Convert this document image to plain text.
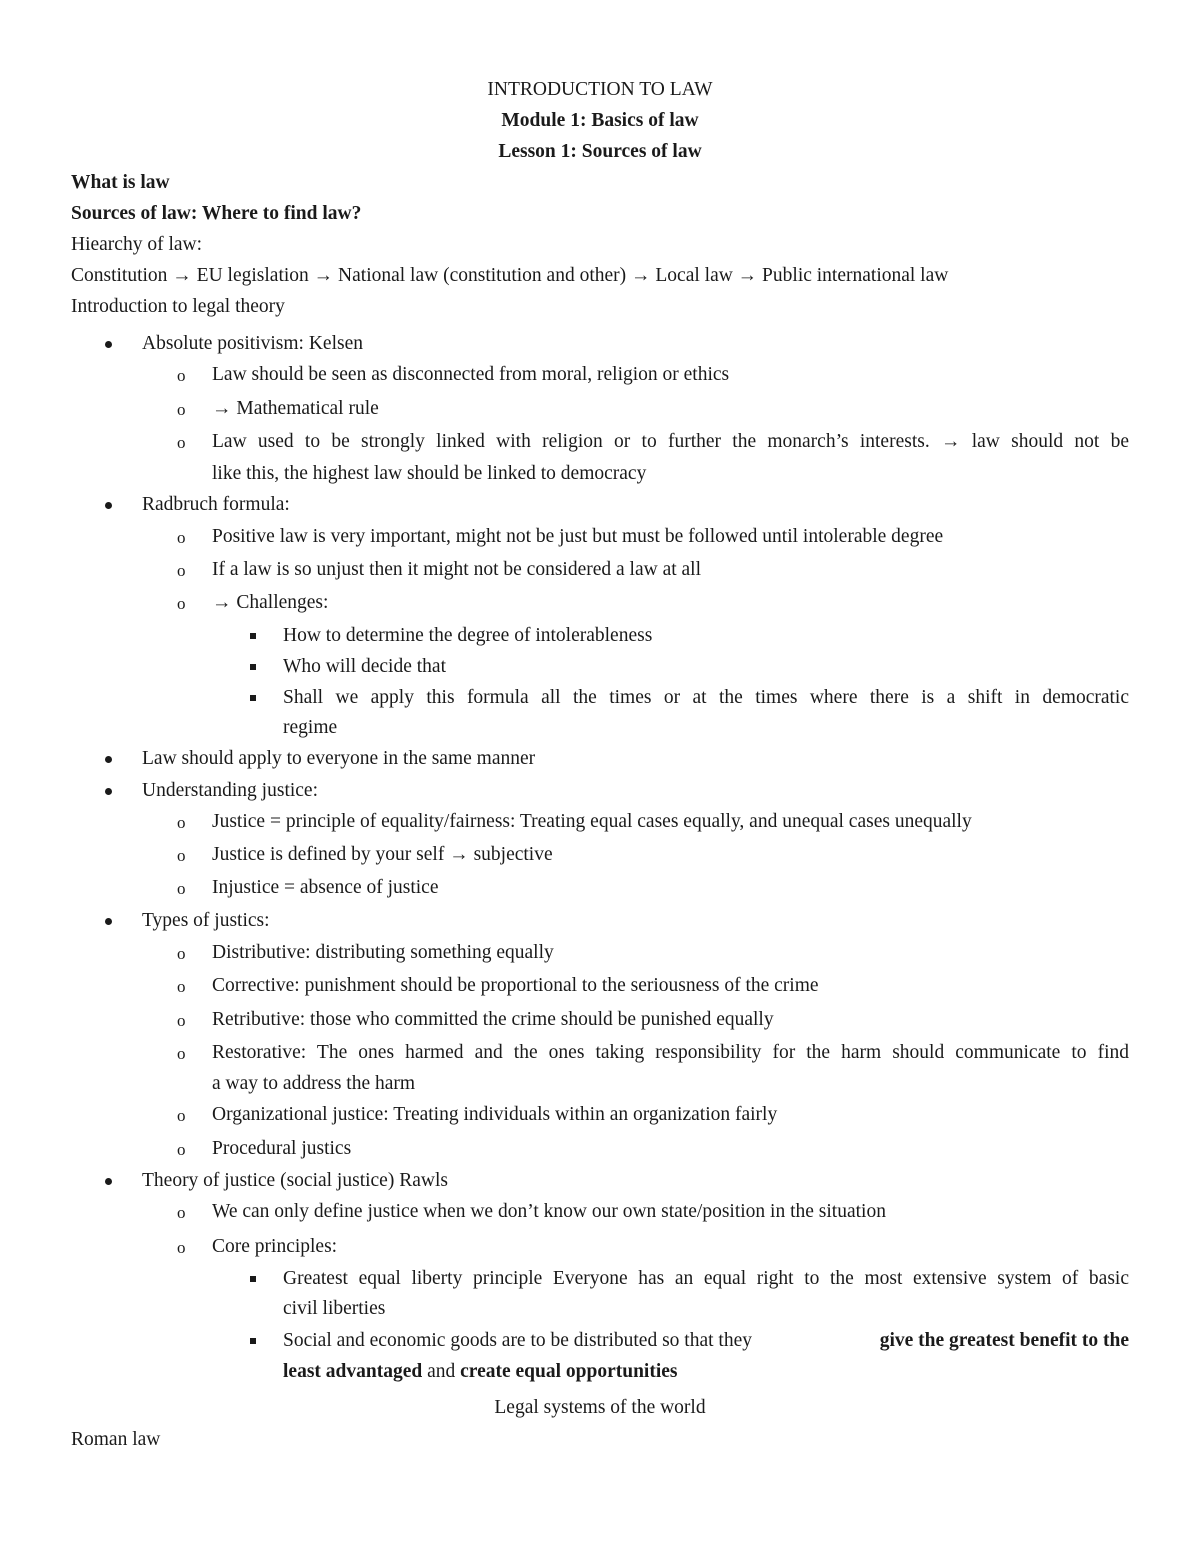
INTRODUCTION TO LAW
Module 1: Basics of law
Lesson 1: Sources of law
What is law
Sources of law: Where to find law?
Hiearchy of law:
Constitution → EU legislation → National law (constitution and other) → Local law → Public international law
Introduction to legal theory
Absolute positivism: Kelsen
o Law should be seen as disconnected from moral, religion or ethics
o → Mathematical rule
o Law used to be strongly linked with religion or to further the monarch’s interests. → law should not be
like this, the highest law should be linked to democracy
Radbruch formula:
o Positive law is very important, might not be just but must be followed until intolerable degree
o If a law is so unjust then it might not be considered a law at all
o → Challenges:
How to determine the degree of intolerableness
Who will decide that
Shall we apply this formula all the times or at the times where there is a shift in democratic
regime
Law should apply to everyone in the same manner
Understanding justice:
o Justice = principle of equality/fairness: Treating equal cases equally, and unequal cases unequally
o Justice is defined by your self → subjective
o Injustice = absence of justice
Types of justics:
o Distributive: distributing something equally
o Corrective: punishment should be proportional to the seriousness of the crime
o Retributive: those who committed the crime should be punished equally
o Restorative: The ones harmed and the ones taking responsibility for the harm should communicate to find
a way to address the harm
o Organizational justice: Treating individuals within an organization fairly
o Procedural justics
Theory of justice (social justice) Rawls
o We can only define justice when we don’t know our own state/position in the situation
o Core principles:
Greatest equal liberty principle Everyone has an equal right to the most extensive system of basic
civil liberties
Social and economic goods are to be distributed so that they	give the greatest benefit to the
least advantaged and create equal opportunities
Legal systems of the world
Roman law
